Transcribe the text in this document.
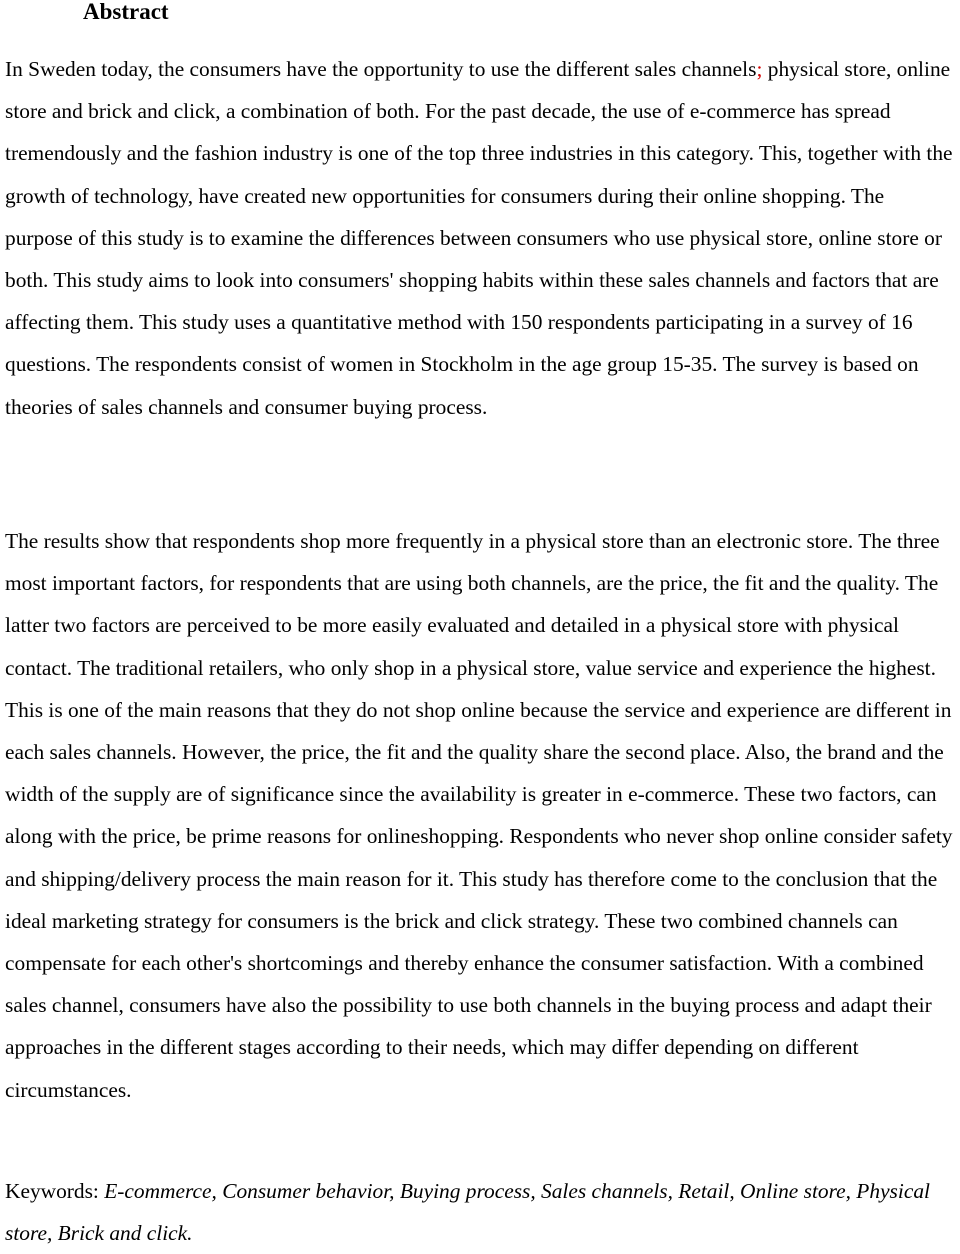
Abstract

In Sweden today, the consumers have the opportunity to use the different sales channels; physical store, online store and brick and click, a combination of both. For the past decade, the use of e-commerce has spread tremendously and the fashion industry is one of the top three industries in this category. This, together with the growth of technology, have created new opportunities for consumers during their online shopping. The purpose of this study is to examine the differences between consumers who use physical store, online store or both. This study aims to look into consumers' shopping habits within these sales channels and factors that are affecting them. This study uses a quantitative method with 150 respondents participating in a survey of 16 questions. The respondents consist of women in Stockholm in the age group 15-35. The survey is based on theories of sales channels and consumer buying process.

The results show that respondents shop more frequently in a physical store than an electronic store. The three most important factors, for respondents that are using both channels, are the price, the fit and the quality. The latter two factors are perceived to be more easily evaluated and detailed in a physical store with physical contact. The traditional retailers, who only shop in a physical store, value service and experience the highest. This is one of the main reasons that they do not shop online because the service and experience are different in each sales channels. However, the price, the fit and the quality share the second place. Also, the brand and the width of the supply are of significance since the availability is greater in e-commerce. These two factors, can along with the price, be prime reasons for onlineshopping. Respondents who never shop online consider safety and shipping/delivery process the main reason for it. This study has therefore come to the conclusion that the ideal marketing strategy for consumers is the brick and click strategy. These two combined channels can compensate for each other's shortcomings and thereby enhance the consumer satisfaction. With a combined sales channel, consumers have also the possibility to use both channels in the buying process and adapt their approaches in the different stages according to their needs, which may differ depending on different circumstances.

Keywords: E-commerce, Consumer behavior, Buying process, Sales channels, Retail, Online store, Physical store, Brick and click.
